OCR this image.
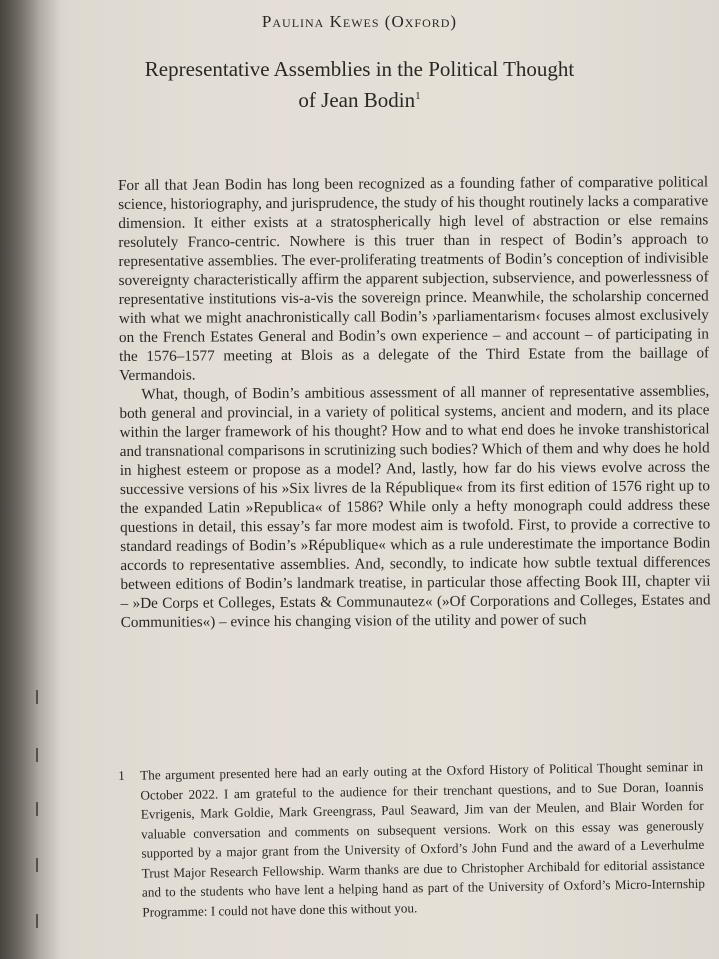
Paulina Kewes (Oxford)
Representative Assemblies in the Political Thought
of Jean Bodin$^1$

For all that Jean Bodin has long been recognized as a founding father of comparative political science, historiography, and jurisprudence, the study of his thought routinely lacks a comparative dimension. It either exists at a stratospherically high level of abstraction or else remains resolutely Franco-centric. Nowhere is this truer than in respect of Bodin’s approach to representative assemblies. The ever-proliferating treatments of Bodin’s conception of indivisible sovereignty characteristically affirm the apparent subjection, subservience, and powerlessness of representative institutions vis-a-vis the sovereign prince. Meanwhile, the scholarship concerned with what we might anachronistically call Bodin’s ›parliamentarism‹ focuses almost exclusively on the French Estates General and Bodin’s own experience – and account – of participating in the 1576–1577 meeting at Blois as a delegate of the Third Estate from the baillage of Vermandois.

What, though, of Bodin’s ambitious assessment of all manner of representative assemblies, both general and provincial, in a variety of political systems, ancient and modern, and its place within the larger framework of his thought? How and to what end does he invoke transhistorical and transnational comparisons in scrutinizing such bodies? Which of them and why does he hold in highest esteem or propose as a model? And, lastly, how far do his views evolve across the successive versions of his »Six livres de la République« from its first edition of 1576 right up to the expanded Latin »Republica« of 1586? While only a hefty monograph could address these questions in detail, this essay’s far more modest aim is twofold. First, to provide a corrective to standard readings of Bodin’s »République« which as a rule underestimate the importance Bodin accords to representative assemblies. And, secondly, to indicate how subtle textual differences between editions of Bodin’s landmark treatise, in particular those affecting Book III, chapter vii – »De Corps et Colleges, Estats & Communautez« (»Of Corporations and Colleges, Estates and Communities«) – evince his changing vision of the utility and power of such

1 The argument presented here had an early outing at the Oxford History of Political Thought seminar in October 2022. I am grateful to the audience for their trenchant questions, and to Sue Doran, Ioannis Evrigenis, Mark Goldie, Mark Greengrass, Paul Seaward, Jim van der Meulen, and Blair Worden for valuable conversation and comments on subsequent versions. Work on this essay was generously supported by a major grant from the University of Oxford’s John Fund and the award of a Leverhulme Trust Major Research Fellowship. Warm thanks are due to Christopher Archibald for editorial assistance and to the students who have lent a helping hand as part of the University of Oxford’s Micro-Internship Programme: I could not have done this without you.
